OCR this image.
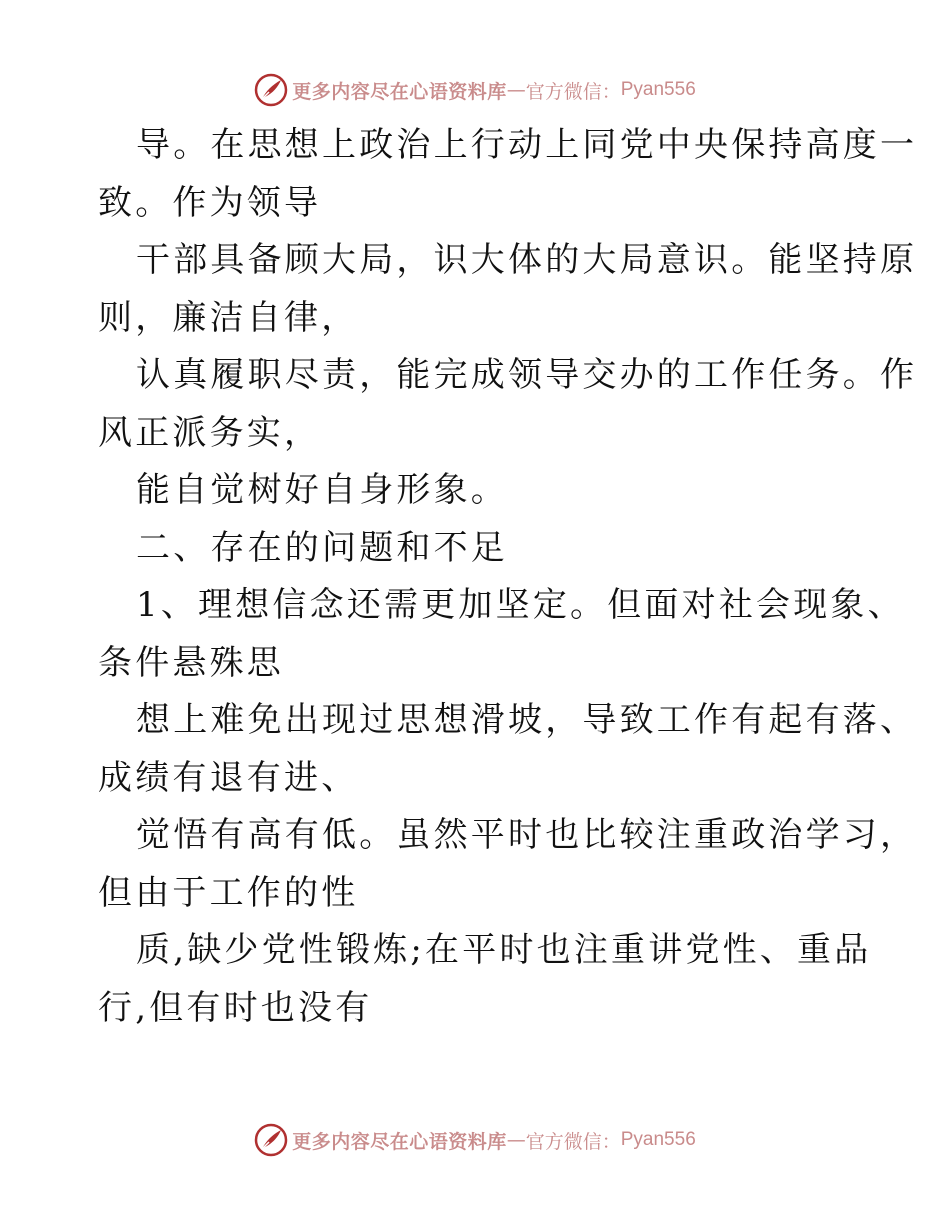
更多内容尽在心语资料库 — 官方微信： Pyan556

导。在思想上政治上行动上同党中央保持高度一
致。作为领导

干部具备顾大局，识大体的大局意识。能坚持原
则，廉洁自律，

认真履职尽责，能完成领导交办的工作任务。作
风正派务实，

能自觉树好自身形象。

二、存在的问题和不足

1、理想信念还需更加坚定。但面对社会现象、
条件悬殊思

想上难免出现过思想滑坡，导致工作有起有落、
成绩有退有进、

觉悟有高有低。虽然平时也比较注重政治学习，
但由于工作的性

质,缺少党性锻炼;在平时也注重讲党性、重品
行,但有时也没有

更多内容尽在心语资料库 — 官方微信： Pyan556
